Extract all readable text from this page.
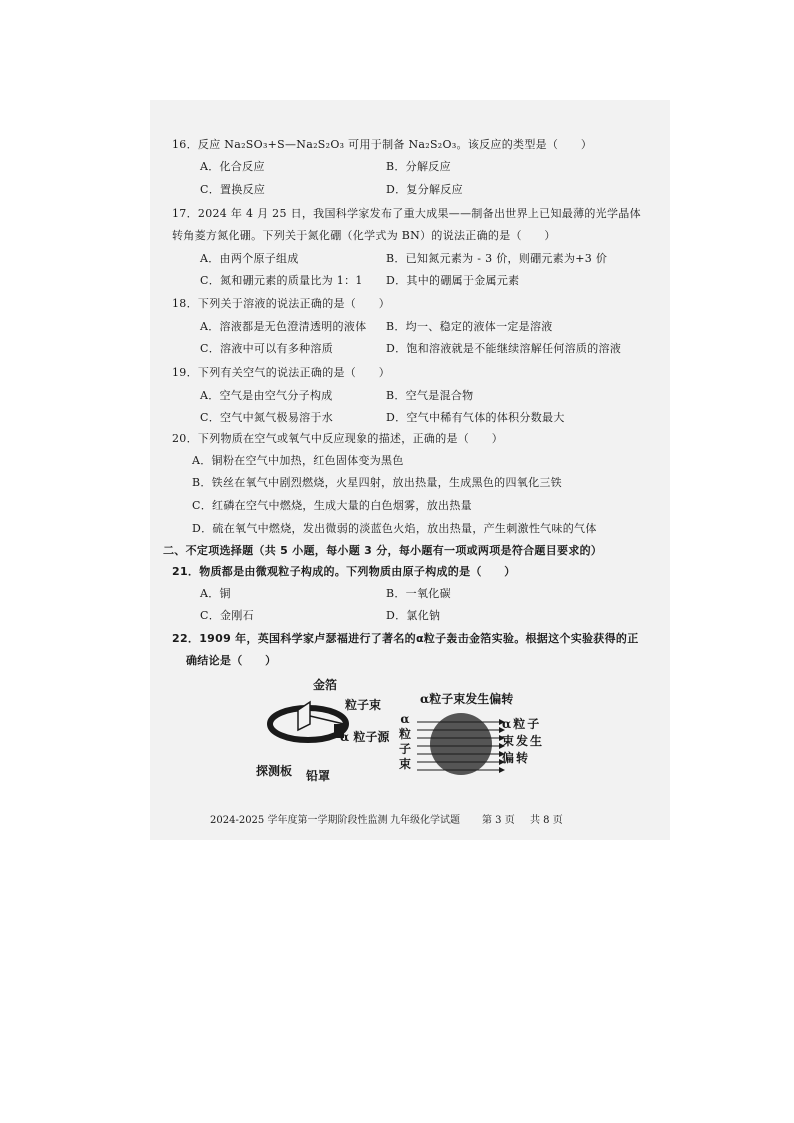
16．反应 Na₂SO₃+S—Na₂S₂O₃ 可用于制备 Na₂S₂O₃。该反应的类型是（　　）
A．化合反应	B．分解反应
C．置换反应	D．复分解反应
17．2024 年 4 月 25 日，我国科学家发布了重大成果——制备出世界上已知最薄的光学晶体
转角菱方氮化硼。下列关于氮化硼（化学式为 BN）的说法正确的是（　　）
A．由两个原子组成	B．已知氮元素为 - 3 价，则硼元素为+3 价
C．氮和硼元素的质量比为 1：1 D．其中的硼属于金属元素
18．下列关于溶液的说法正确的是（　　）
A．溶液都是无色澄清透明的液体 B．均一、稳定的液体一定是溶液
C．溶液中可以有多种溶质	D．饱和溶液就是不能继续溶解任何溶质的溶液
19．下列有关空气的说法正确的是（　　）
A．空气是由空气分子构成	B．空气是混合物
C．空气中氮气极易溶于水	D．空气中稀有气体的体积分数最大
20．下列物质在空气或氧气中反应现象的描述，正确的是（　　）
A．铜粉在空气中加热，红色固体变为黑色
B．铁丝在氧气中剧烈燃烧，火星四射，放出热量，生成黑色的四氧化三铁
C．红磷在空气中燃烧，生成大量的白色烟雾，放出热量
D．硫在氧气中燃烧，发出微弱的淡蓝色火焰，放出热量，产生刺激性气味的气体
二、不定项选择题（共 5 小题，每小题 3 分，每小题有一项或两项是符合题目要求的）
21．物质都是由微观粒子构成的。下列物质由原子构成的是（　　）
A．铜	B．一氧化碳
C．金刚石	D．氯化钠
22．1909 年，英国科学家卢瑟福进行了著名的α粒子轰击金箔实验。根据这个实验获得的正
确结论是（　　）
金箔
粒子束
α 粒子源
探测板 铅罩
α粒子束发生偏转
α粒子束
α粒子束发生偏转
2024-2025 学年度第一学期阶段性监测 九年级化学试题 第 3 页 共 8 页
